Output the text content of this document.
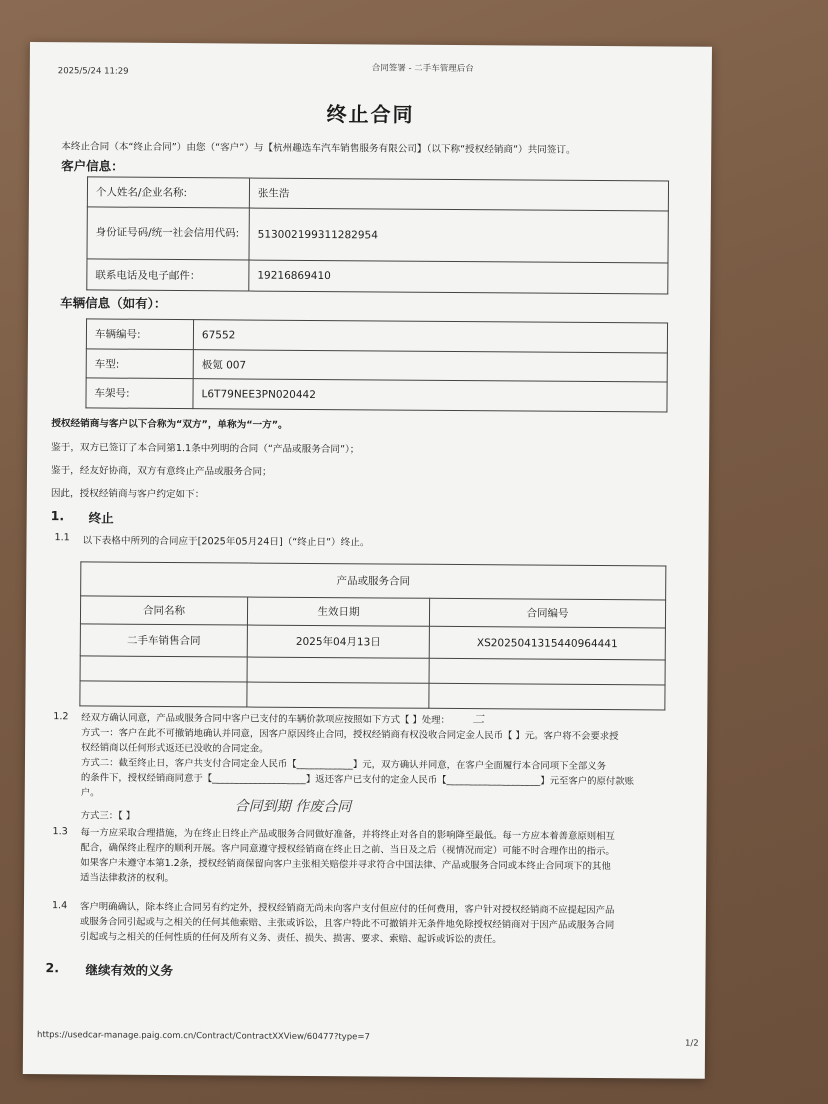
2025/5/24 11:29	合同签署 - 二手车管理后台
终止合同
本终止合同（本“终止合同”）由您（“客户”）与【杭州趣选车汽车销售服务有限公司】（以下称“授权经销商”）共同签订。
客户信息：
个人姓名/企业名称:	张生浩
身份证号码/统一社会信用代码:	513002199311282954
联系电话及电子邮件：	19216869410
车辆信息（如有）：
车辆编号:	67552
车型:	极氪 007
车架号:	L6T79NEE3PN020442
授权经销商与客户以下合称为“双方”，单称为“一方”。
鉴于，双方已签订了本合同第1.1条中列明的合同（“产品或服务合同”）；
鉴于，经友好协商，双方有意终止产品或服务合同；
因此，授权经销商与客户约定如下：
1. 终止
1.1 以下表格中所列的合同应于[2025年05月24日]（“终止日”）终止。
产品或服务合同		
合同名称	生效日期	合同编号
二手车销售合同	2025年04月13日	XS2025041315440964441

1.2 经双方确认同意，产品或服务合同中客户已支付的车辆价款项应按照如下方式【 】处理：
方式一：客户在此不可撤销地确认并同意，因客户原因终止合同，授权经销商有权没收合同定金人民币【 】元。客户将不会要求授
权经销商以任何形式返还已没收的合同定金。
方式二：截至终止日，客户共支付合同定金人民币【____________】元，双方确认并同意，在客户全面履行本合同项下全部义务
的条件下，授权经销商同意于【____________________】返还客户已支付的定金人民币【____________________】元至客户的原付款账
户。
方式三：【 】
二
合同到期 作废合同
1.3 每一方应采取合理措施，为在终止日终止产品或服务合同做好准备，并将终止对各自的影响降至最低。每一方应本着善意原则相互
配合，确保终止程序的顺利开展。客户同意遵守授权经销商在终止日之前、当日及之后（视情况而定）可能不时合理作出的指示。
如果客户未遵守本第1.2条，授权经销商保留向客户主张相关赔偿并寻求符合中国法律、产品或服务合同或本终止合同项下的其他
适当法律救济的权利。
1.4 客户明确确认，除本终止合同另有约定外，授权经销商无尚未向客户支付但应付的任何费用，客户针对授权经销商不应提起因产品
或服务合同引起或与之相关的任何其他索赔、主张或诉讼，且客户特此不可撤销并无条件地免除授权经销商对于因产品或服务合同
引起或与之相关的任何性质的任何及所有义务、责任、损失、损害、要求、索赔、起诉或诉讼的责任。
2. 继续有效的义务
https://usedcar-manage.paig.com.cn/Contract/ContractXXView/60477?type=7
1/2
